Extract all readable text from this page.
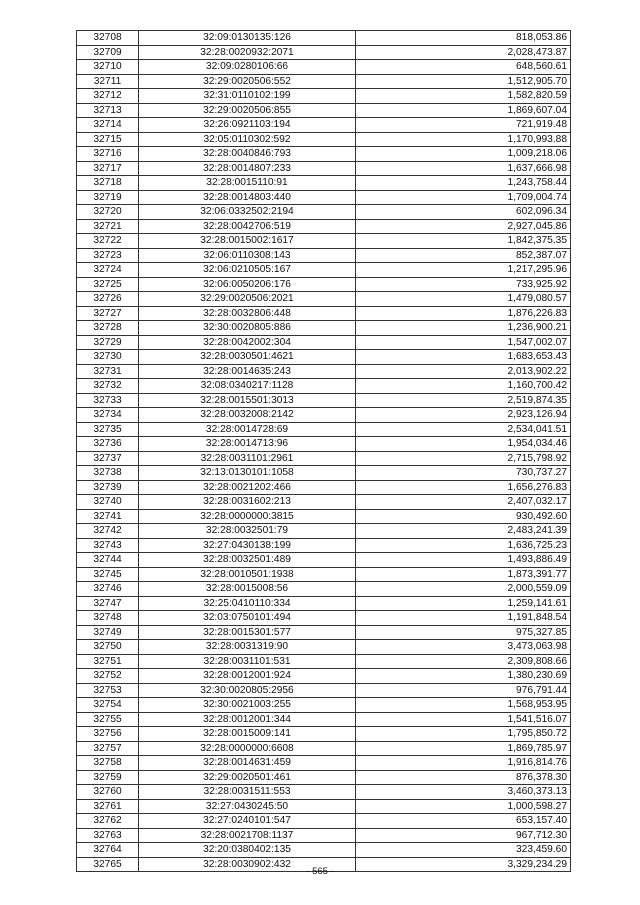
32708	32:09:0130135:126	818,053.86
32709	32:28:0020932:2071	2,028,473.87
32710	32:09:0280106:66	648,560.61
32711	32:29:0020506:552	1,512,905.70
32712	32:31:0110102:199	1,582,820.59
32713	32:29:0020506:855	1,869,607.04
32714	32:26:0921103:194	721,919.48
32715	32:05:0110302:592	1,170,993.88
32716	32:28:0040846:793	1,009,218.06
32717	32:28:0014807:233	1,637,666.98
32718	32:28:0015110:91	1,243,758.44
32719	32:28:0014803:440	1,709,004.74
32720	32:06:0332502:2194	602,096.34
32721	32:28:0042706:519	2,927,045.86
32722	32:28:0015002:1617	1,842,375.35
32723	32:06:0110308:143	852,387.07
32724	32:06:0210505:167	1,217,295.96
32725	32:06:0050206:176	733,925.92
32726	32:29:0020506:2021	1,479,080.57
32727	32:28:0032806:448	1,876,226.83
32728	32:30:0020805:886	1,236,900.21
32729	32:28:0042002:304	1,547,002.07
32730	32:28:0030501:4621	1,683,653.43
32731	32:28:0014635:243	2,013,902.22
32732	32:08:0340217:1128	1,160,700.42
32733	32:28:0015501:3013	2,519,874.35
32734	32:28:0032008:2142	2,923,126.94
32735	32:28:0014728:69	2,534,041.51
32736	32:28:0014713:96	1,954,034.46
32737	32:28:0031101:2961	2,715,798.92
32738	32:13:0130101:1058	730,737.27
32739	32:28:0021202:466	1,656,276.83
32740	32:28:0031602:213	2,407,032.17
32741	32:28:0000000:3815	930,492.60
32742	32:28:0032501:79	2,483,241.39
32743	32:27:0430138:199	1,636,725.23
32744	32:28:0032501:489	1,493,886.49
32745	32:28:0010501:1938	1,873,391.77
32746	32:28:0015008:56	2,000,559.09
32747	32:25:0410110:334	1,259,141.61
32748	32:03:0750101:494	1,191,848.54
32749	32:28:0015301:577	975,327.85
32750	32:28:0031319:90	3,473,063.98
32751	32:28:0031101:531	2,309,808.66
32752	32:28:0012001:924	1,380,230.69
32753	32:30:0020805:2956	976,791.44
32754	32:30:0021003:255	1,568,953.95
32755	32:28:0012001:344	1,541,516.07
32756	32:28:0015009:141	1,795,850.72
32757	32:28:0000000:6608	1,869,785.97
32758	32:28:0014631:459	1,916,814.76
32759	32:29:0020501:461	876,378.30
32760	32:28:0031511:553	3,460,373.13
32761	32:27:0430245:50	1,000,598.27
32762	32:27:0240101:547	653,157.40
32763	32:28:0021708:1137	967,712.30
32764	32:20:0380402:135	323,459.60
32765	32:28:0030902:432	3,329,234.29
- 565 -
